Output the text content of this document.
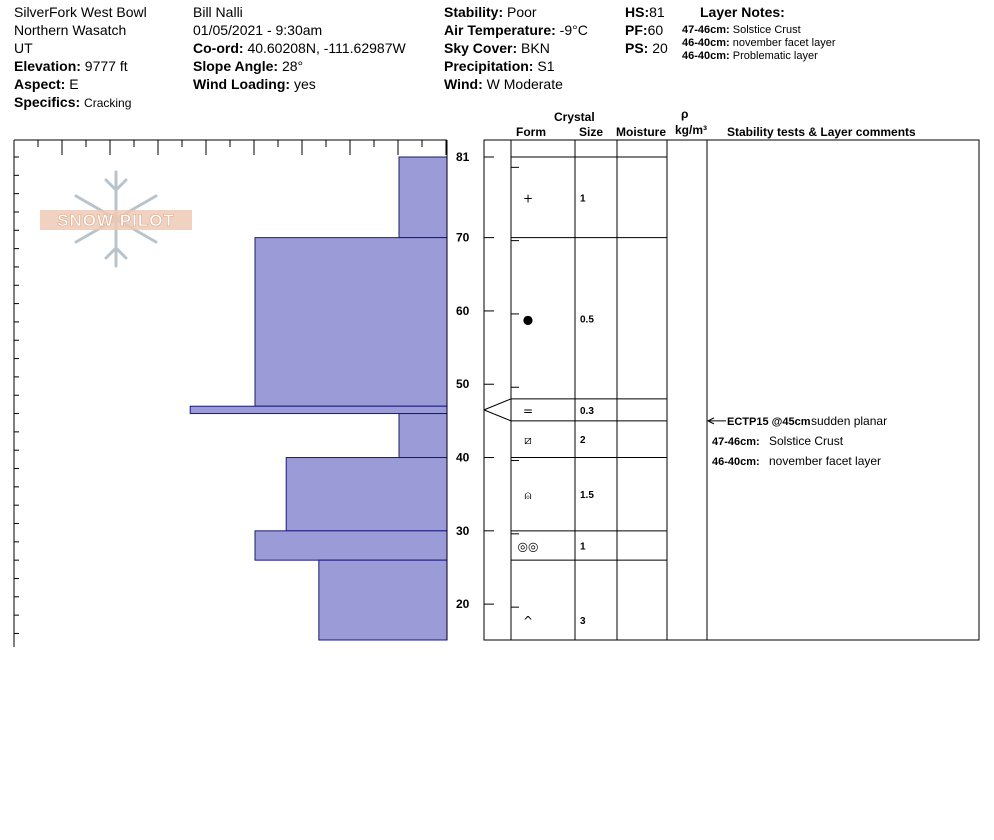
SilverFork West Bowl
Northern Wasatch
UT
Elevation: 9777 ft
Aspect: E
Specifics: Cracking
Bill Nalli
01/05/2021 - 9:30am
Co-ord: 40.60208N, -111.62987W
Slope Angle: 28°
Wind Loading: yes
Stability: Poor
Air Temperature: -9°C
Sky Cover: BKN
Precipitation: S1
Wind: W Moderate
HS:81
PF:60
PS: 20
Layer Notes:
47-46cm: Solstice Crust
46-40cm: november facet layer
46-40cm: Problematic layer
Crystal
Form	Size Moisture
ρ
kg/m³ Stability tests & Layer comments
SNOW PILOT
20
30
40
50
60
70
81
+	1
●	0.5
=	0.3
⧄	2
⍝	1.5
◎◎	1
^	3
ECTP15 @45cm sudden planar
47-46cm: Solstice Crust
46-40cm: november facet layer
